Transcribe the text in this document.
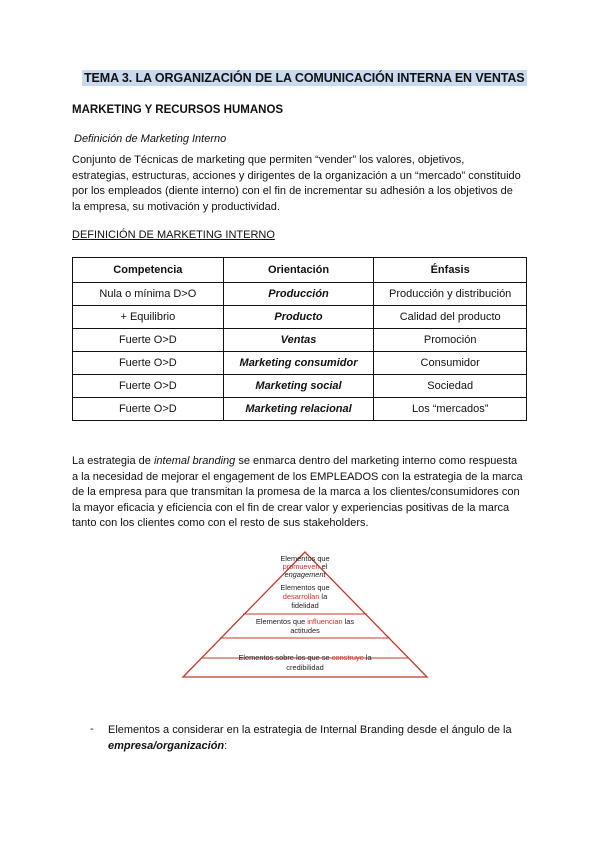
TEMA 3. LA ORGANIZACIÓN DE LA COMUNICACIÓN INTERNA EN VENTAS
MARKETING Y RECURSOS HUMANOS
Definición de Marketing Interno
Conjunto de Técnicas de marketing que permiten “vender” los valores, objetivos,
estrategias, estructuras, acciones y dirigentes de la organización a un “mercado” constituido
por los empleados (diente interno) con el fin de incrementar su adhesión a los objetivos de
la empresa, su motivación y productividad.
DEFINICIÓN DE MARKETING INTERNO
Competencia	Orientación	Énfasis
Nula o mínima D>O	Producción	Producción y distribución
+ Equilibrio	Producto	Calidad del producto
Fuerte O>D	Ventas	Promoción
Fuerte O>D	Marketing consumidor	Consumidor
Fuerte O>D	Marketing social	Sociedad
Fuerte O>D	Marketing relacional	Los “mercados”
La estrategia de intemal branding se enmarca dentro del marketing interno como respuesta
a la necesidad de mejorar el engagement de los EMPLEADOS con la estrategia de la marca
de la empresa para que transmitan la promesa de la marca a los clientes/consumidores con
la mayor eficacia y eficiencia con el fin de crear valor y experiencias positivas de la marca
tanto con los clientes como con el resto de sus stakeholders.
Elementos que
promueven el
engagement
Elementos que
desarrollan la
fidelidad
Elementos que influencian las
actitudes
Elementos sobre los que se construye la
credibilidad
- Elementos a considerar en la estrategia de Internal Branding desde el ángulo de la
empresa/organización:
